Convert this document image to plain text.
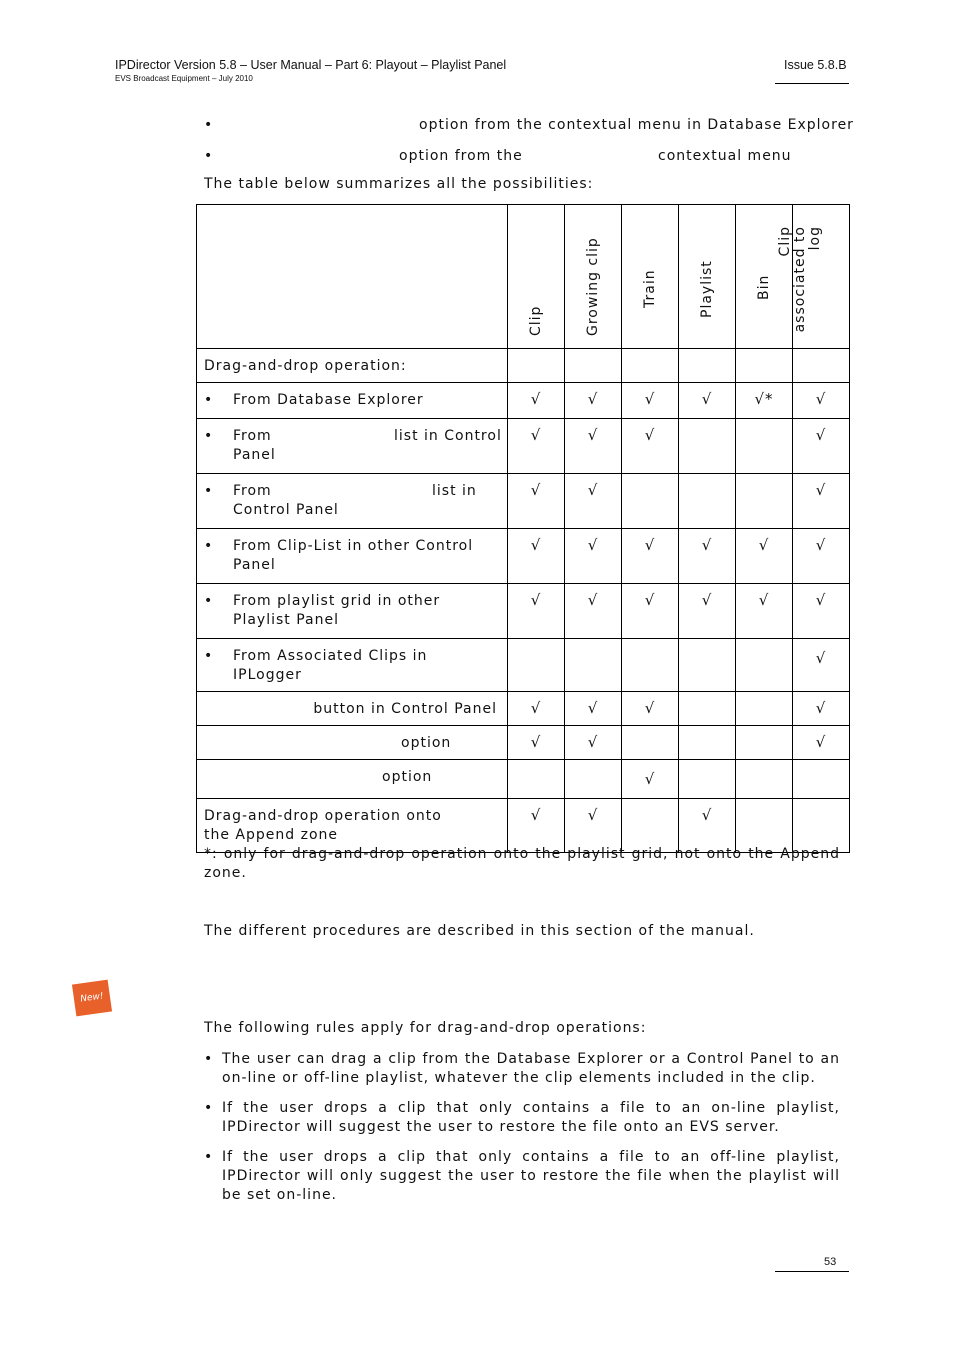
IPDirector Version 5.8 – User Manual – Part 6: Playout – Playlist Panel
EVS Broadcast Equipment – July 2010
Issue 5.8.B
•	option from the contextual menu in Database Explorer
•	option from the	contextual menu
The table below summarizes all the possibilities:

	Clip	Growing clip	Train	Playlist	Bin	Clip associated to log

Drag-and-drop operation:						

• From Database Explorer	√	√	√	√	√*	√

• From list in Control
Panel	√	√	√			√

• From list in
Control Panel	√	√				√

• From Clip-List in other Control Panel	√	√	√	√	√	√

• From playlist grid in other Playlist Panel	√	√	√	√	√	√

• From Associated Clips in IPLogger						√
button in Control Panel	√	√	√			√
option	√	√				√
option			√			
Drag-and-drop operation onto the Append zone	√	√		√		
*: only for drag-and-drop operation onto the playlist grid, not onto the Append zone.
The different procedures are described in this section of the manual.
New!
The following rules apply for drag-and-drop operations:
• The user can drag a clip from the Database Explorer or a Control Panel to an on-line or off-line playlist, whatever the clip elements included in the clip.
• If the user drops a clip that only contains a file to an on-line playlist, IPDirector will suggest the user to restore the file onto an EVS server.
• If the user drops a clip that only contains a file to an off-line playlist, IPDirector will only suggest the user to restore the file when the playlist will be set on-line.
53
